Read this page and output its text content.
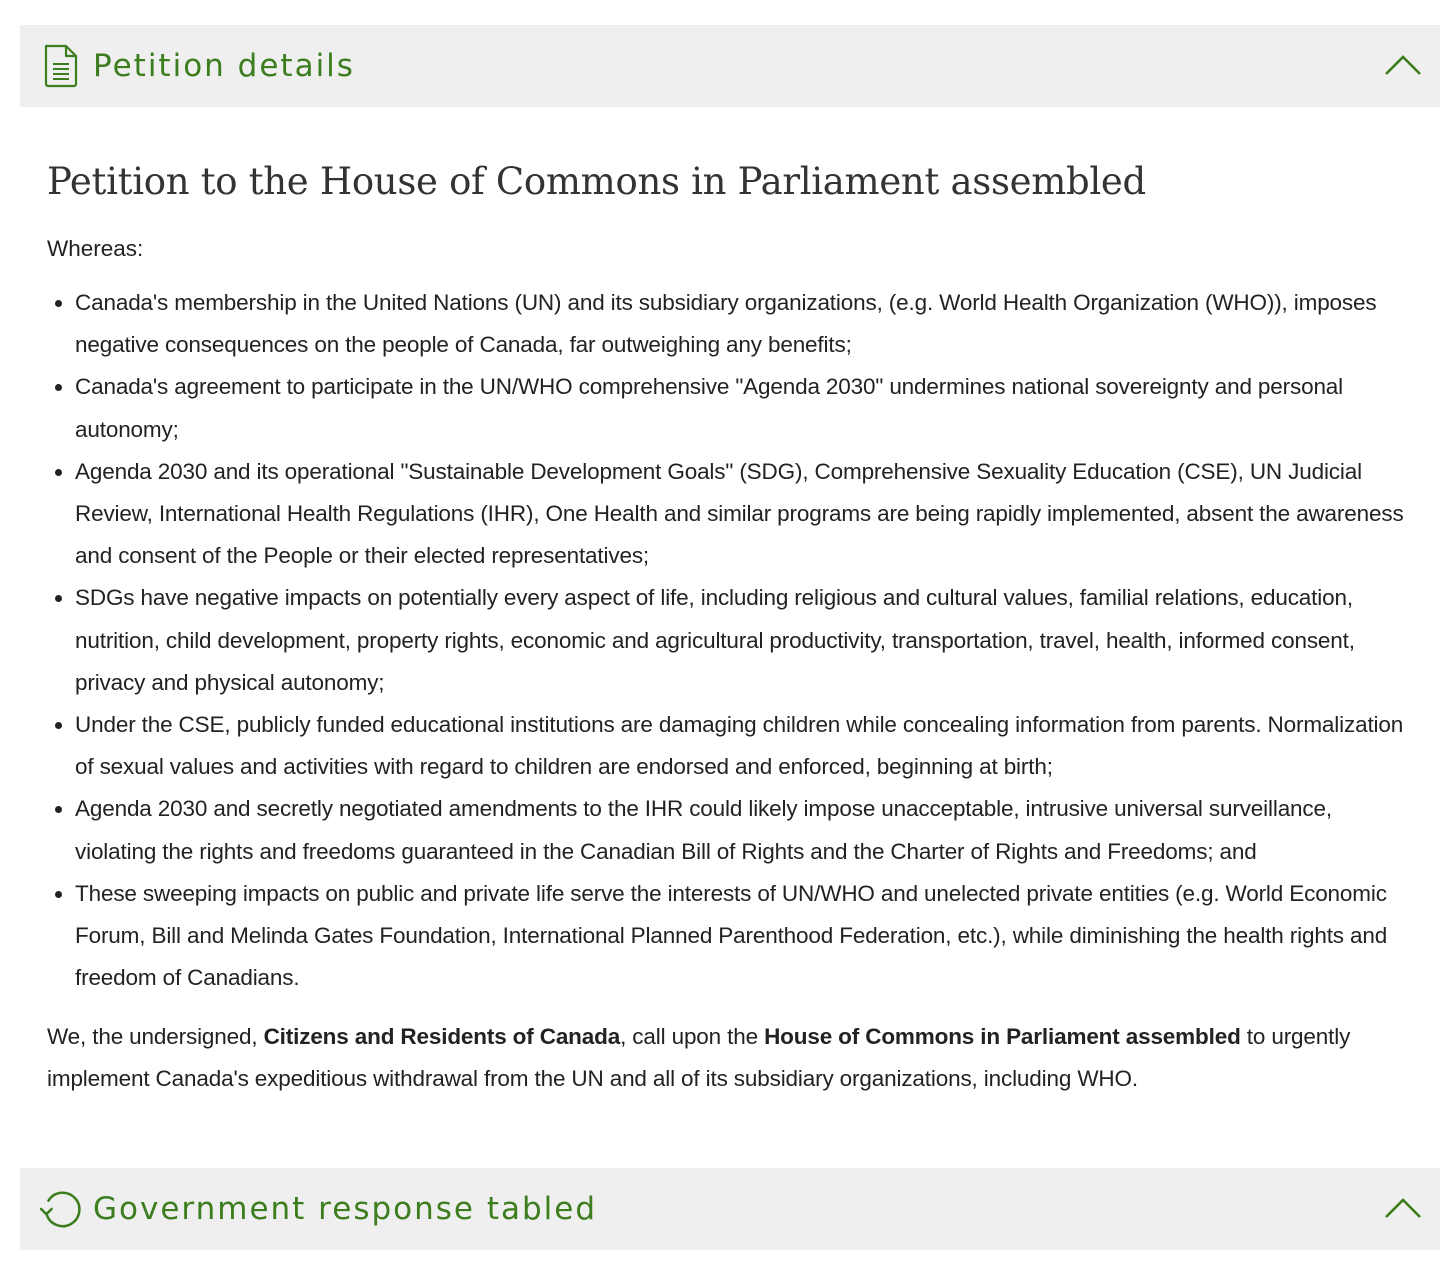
Petition details
Petition to the House of Commons in Parliament assembled

Whereas:

Canada's membership in the United Nations (UN) and its subsidiary organizations, (e.g. World Health Organization (WHO)), imposes negative consequences on the people of Canada, far outweighing any benefits;
Canada's agreement to participate in the UN/WHO comprehensive "Agenda 2030" undermines national sovereignty and personal autonomy;
Agenda 2030 and its operational "Sustainable Development Goals" (SDG), Comprehensive Sexuality Education (CSE), UN Judicial Review, International Health Regulations (IHR), One Health and similar programs are being rapidly implemented, absent the awareness and consent of the People or their elected representatives;
SDGs have negative impacts on potentially every aspect of life, including religious and cultural values, familial relations, education, nutrition, child development, property rights, economic and agricultural productivity, transportation, travel, health, informed consent, privacy and physical autonomy;
Under the CSE, publicly funded educational institutions are damaging children while concealing information from parents. Normalization of sexual values and activities with regard to children are endorsed and enforced, beginning at birth;
Agenda 2030 and secretly negotiated amendments to the IHR could likely impose unacceptable, intrusive universal surveillance, violating the rights and freedoms guaranteed in the Canadian Bill of Rights and the Charter of Rights and Freedoms; and
These sweeping impacts on public and private life serve the interests of UN/WHO and unelected private entities (e.g. World Economic Forum, Bill and Melinda Gates Foundation, International Planned Parenthood Federation, etc.), while diminishing the health rights and freedom of Canadians.

We, the undersigned, Citizens and Residents of Canada, call upon the House of Commons in Parliament assembled to urgently implement Canada's expeditious withdrawal from the UN and all of its subsidiary organizations, including WHO.

Government response tabled
